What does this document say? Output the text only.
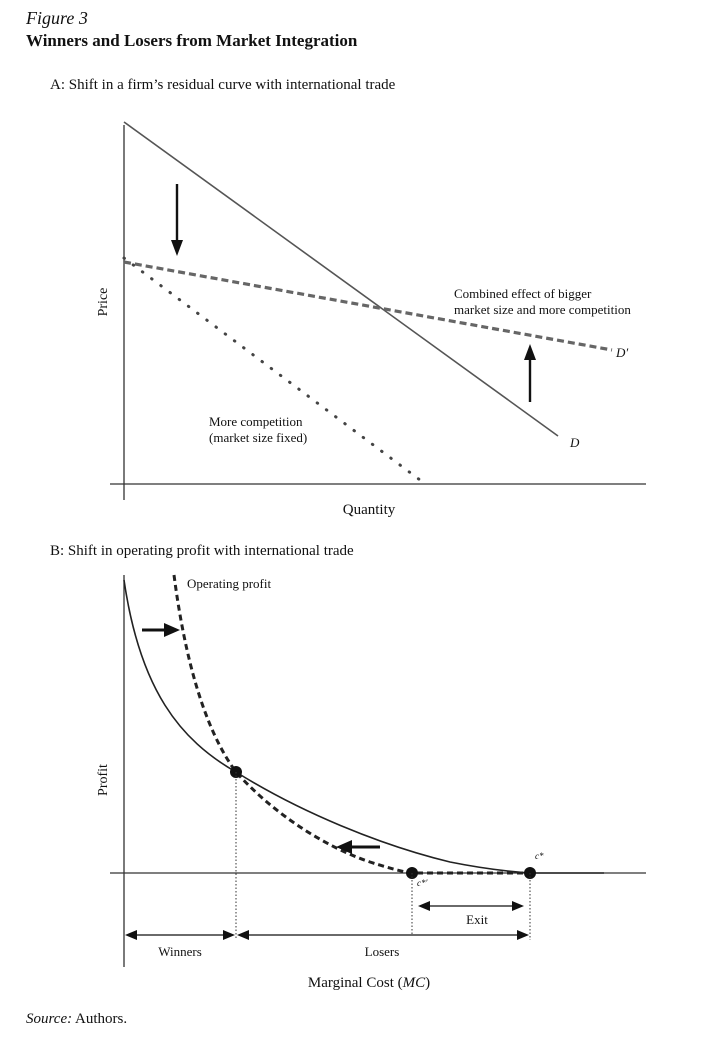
Figure 3
Winners and Losers from Market Integration
A: Shift in a firm’s residual curve with international trade
Price
Quantity
Combined effect of bigger
market size and more competition
More competition
(market size fixed)	D
D′
B: Shift in operating profit with international trade
Profit
Operating profit
c*
c*′
Exit
Winners	Losers
Marginal Cost (MC)
Source: Authors.
